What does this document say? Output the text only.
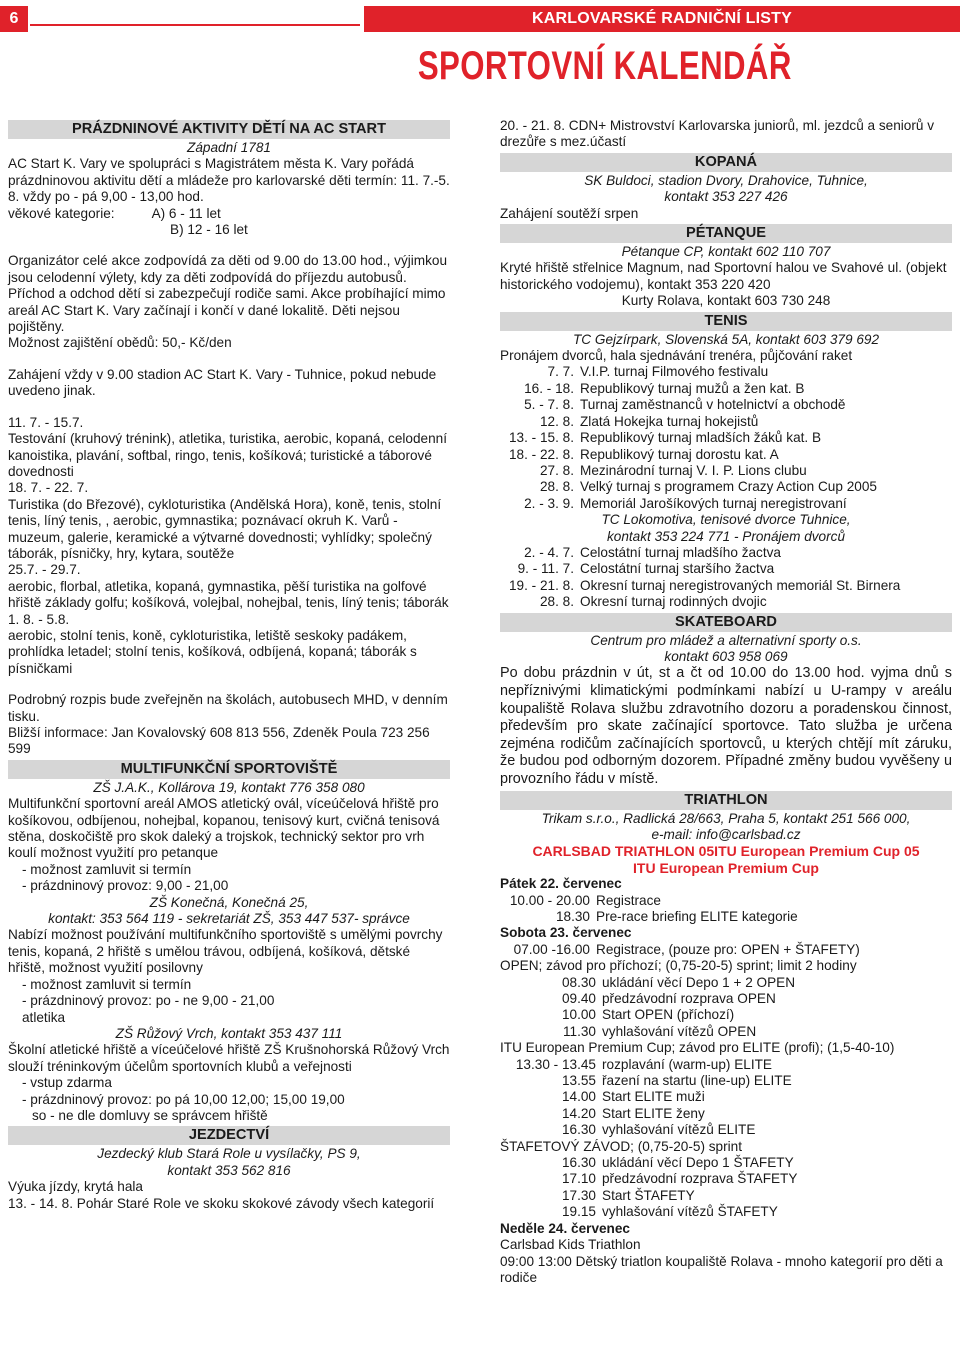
6	KARLOVARSKÉ RADNIČNÍ LISTY
SPORTOVNÍ KALENDÁŘ
PRÁZDNINOVÉ AKTIVITY DĚTÍ NA AC START
Západní 1781
AC Start K. Vary ve spolupráci s Magistrátem města K. Vary pořádá prázdninovou aktivitu dětí a mládeže pro karlovarské děti termín: 11. 7.-5. 8. vždy po - pá 9,00 - 13,00 hod.
věkové kategorie:          A) 6 - 11 let
B) 12 - 16 let
Organizátor celé akce zodpovídá za děti od 9.00 do 13.00 hod., výjimkou jsou celodenní výlety, kdy za děti zodpovídá do příjezdu autobusů. Příchod a odchod dětí si zabezpečují rodiče sami. Akce probíhající mimo areál AC Start K. Vary začínají i končí v dané lokalitě. Děti nejsou pojištěny.
Možnost zajištění obědů: 50,- Kč/den
Zahájení vždy v 9.00 stadion AC Start K. Vary - Tuhnice, pokud nebude uvedeno jinak.
11. 7. - 15.7.
Testování (kruhový trénink), atletika, turistika, aerobic, kopaná, celodenní kanoistika, plavání, softbal, ringo, tenis, košíková; turistické a táborové dovednosti
18. 7. - 22. 7.
Turistika (do Březové), cykloturistika (Andělská Hora), koně, tenis, stolní tenis, líný tenis, , aerobic, gymnastika; poznávací okruh K. Varů - muzeum, galerie, keramické a výtvarné dovednosti; vyhlídky; společný táborák, písničky, hry, kytara, soutěže
25.7. - 29.7.
aerobic, florbal, atletika, kopaná, gymnastika, pěší turistika na golfové hřiště základy golfu; košíková, volejbal, nohejbal, tenis, líný tenis; táborák
1. 8. - 5.8.
aerobic, stolní tenis, koně, cykloturistika, letiště seskoky padákem, prohlídka letadel; stolní tenis, košíková, odbíjená, kopaná; táborák s písničkami
Podrobný rozpis bude zveřejněn na školách, autobusech MHD, v denním tisku.
Bližší informace: Jan Kovalovský 608 813 556, Zdeněk Poula 723 256 599
MULTIFUNKČNÍ SPORTOVIŠTĚ
ZŠ J.A.K., Kollárova 19, kontakt 776 358 080
Multifunkční sportovní areál AMOS atletický ovál, víceúčelová hřiště pro košíkovou, odbíjenou, nohejbal, kopanou, tenisový kurt, cvičná tenisová stěna, doskočiště pro skok daleký a trojskok, technický sektor pro vrh koulí možnost využití pro petanque
- možnost zamluvit si termín
- prázdninový provoz: 9,00 - 21,00
ZŠ Konečná, Konečná 25,
kontakt: 353 564 119 - sekretariát ZŠ, 353 447 537- správce
Nabízí možnost používání multifunkčního sportoviště s umělými povrchy tenis, kopaná, 2 hřiště s umělou trávou, odbíjená, košíková, dětské hřiště, možnost využití posilovny
- možnost zamluvit si termín
- prázdninový provoz: po - ne 9,00 - 21,00
atletika
ZŠ Růžový Vrch, kontakt 353 437 111
Školní atletické hřiště a víceúčelové hřiště ZŠ Krušnohorská Růžový Vrch slouží tréninkovým účelům sportovních klubů a veřejnosti
- vstup zdarma
- prázdninový provoz: po pá 10,00 12,00; 15,00 19,00
so - ne dle domluvy se správcem hřiště
JEZDECTVÍ
Jezdecký klub Stará Role u vysílačky, PS 9,
kontakt 353 562 816
Výuka jízdy, krytá hala
13. - 14. 8. Pohár Staré Role ve skoku skokové závody všech kategorií
20. - 21. 8. CDN+ Mistrovství Karlovarska juniorů, ml. jezdců a seniorů v drezůře s mez.účastí
KOPANÁ
SK Buldoci, stadion Dvory, Drahovice, Tuhnice,
kontakt 353 227 426
Zahájení soutěží srpen
PÉTANQUE
Pétanque CP, kontakt 602 110 707
Kryté hřiště střelnice Magnum, nad Sportovní halou ve Svahové ul. (objekt historického vodojemu), kontakt 353 220 420
Kurty Rolava, kontakt 603 730 248
TENIS
TC Gejzírpark, Slovenská 5A, kontakt 603 379 692
Pronájem dvorců, hala sjednávání trenéra, půjčování raket
7. 7. V.I.P. turnaj Filmového festivalu
16. - 18. Republikový turnaj mužů a žen kat. B
5. - 7. 8. Turnaj zaměstnanců v hotelnictví a obchodě
12. 8. Zlatá Hokejka turnaj hokejistů
13. - 15. 8. Republikový turnaj mladších žáků kat. B
18. - 22. 8. Republikový turnaj dorostu kat. A
27. 8. Mezinárodní turnaj V. I. P. Lions clubu
28. 8. Velký turnaj s programem Crazy Action Cup 2005
2. - 3. 9. Memoriál Jarošíkových turnaj neregistrovaní
TC Lokomotiva, tenisové dvorce Tuhnice,
kontakt 353 224 771 - Pronájem dvorců
2. - 4. 7. Celostátní turnaj mladšího žactva
9. - 11. 7. Celostátní turnaj staršího žactva
19. - 21. 8. Okresní turnaj neregistrovaných memoriál St. Birnera
28. 8. Okresní turnaj rodinných dvojic
SKATEBOARD
Centrum pro mládež a alternativní sporty o.s.
kontakt 603 958 069
Po dobu prázdnin v út, st a čt od 10.00 do 13.00 hod. vyjma dnů s nepříznivými klimatickými podmínkami nabízí u U-rampy v areálu koupaliště Rolava službu zdravotního dozoru a poradenskou činnost, především pro skate začínající sportovce. Tato služba je určena zejména rodičům začínajících sportovců, u kterých chtějí mít záruku, že budou pod odborným dozorem. Případné změny budou vyvěšeny u provozního řádu v místě.
TRIATHLON
Trikam s.r.o., Radlická 28/663, Praha 5, kontakt 251 566 000,
e-mail: info@carlsbad.cz
CARLSBAD TRIATHLON 05ITU European Premium Cup 05
ITU European Premium Cup
Pátek 22. červenec
10.00 - 20.00 Registrace
18.30 Pre-race briefing ELITE kategorie
Sobota 23. červenec
07.00 -16.00 Registrace, (pouze pro: OPEN + ŠTAFETY)
OPEN; závod pro příchozí; (0,75-20-5) sprint; limit 2 hodiny
08.30 ukládání věcí Depo 1 + 2 OPEN
09.40 předzávodní rozprava OPEN
10.00 Start OPEN (příchozí)
11.30 vyhlašování vítězů OPEN
ITU European Premium Cup; závod pro ELITE (profi); (1,5-40-10)
13.30 - 13.45 rozplavání (warm-up) ELITE
13.55 řazení na startu (line-up) ELITE
14.00 Start ELITE muži
14.20 Start ELITE ženy
16.30 vyhlašování vítězů ELITE
ŠTAFETOVÝ ZÁVOD; (0,75-20-5) sprint
16.30 ukládání věcí Depo 1 ŠTAFETY
17.10 předzávodní rozprava ŠTAFETY
17.30 Start ŠTAFETY
19.15 vyhlašování vítězů ŠTAFETY
Neděle 24. červenec
Carlsbad Kids Triathlon
09:00 13:00 Dětský triatlon koupaliště Rolava - mnoho kategorií pro děti a rodiče
